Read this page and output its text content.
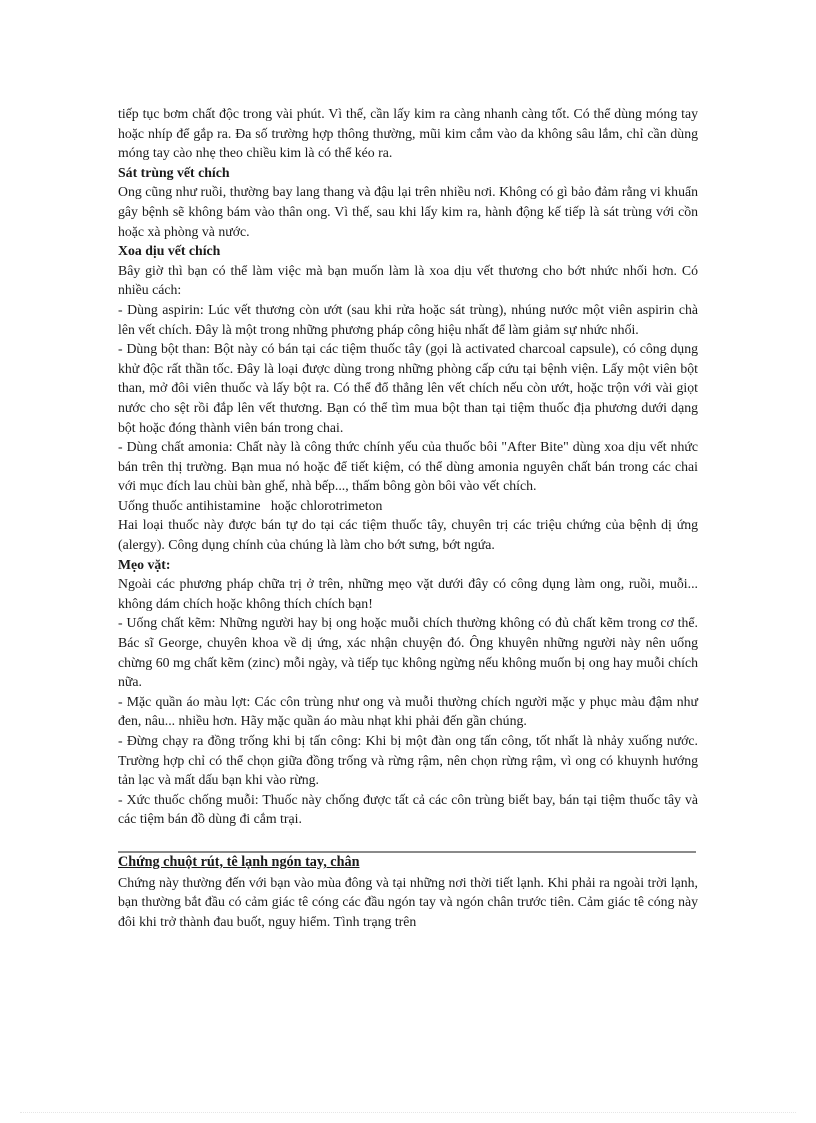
tiếp tục bơm chất độc trong vài phút. Vì thế, cần lấy kim ra càng nhanh càng tốt. Có thể dùng móng tay hoặc nhíp để gắp ra. Đa số trường hợp thông thường, mũi kim cắm vào da không sâu lắm, chỉ cần dùng móng tay cào nhẹ theo chiều kim là có thể kéo ra.

Sát trùng vết chích

Ong cũng như ruồi, thường bay lang thang và đậu lại trên nhiều nơi. Không có gì bảo đảm rằng vi khuẩn gây bệnh sẽ không bám vào thân ong. Vì thế, sau khi lấy kim ra, hành động kế tiếp là sát trùng với cồn hoặc xà phòng và nước.

Xoa dịu vết chích

Bây giờ thì bạn có thể làm việc mà bạn muốn làm là xoa dịu vết thương cho bớt nhức nhối hơn. Có nhiều cách:

- Dùng aspirin: Lúc vết thương còn ướt (sau khi rửa hoặc sát trùng), nhúng nước một viên aspirin chà lên vết chích. Đây là một trong những phương pháp công hiệu nhất để làm giảm sự nhức nhối.

- Dùng bột than: Bột này có bán tại các tiệm thuốc tây (gọi là activated charcoal capsule), có công dụng khử độc rất thần tốc. Đây là loại được dùng trong những phòng cấp cứu tại bệnh viện. Lấy một viên bột than, mở đôi viên thuốc và lấy bột ra. Có thể đổ thẳng lên vết chích nếu còn ướt, hoặc trộn với vài giọt nước cho sệt rồi đắp lên vết thương. Bạn có thể tìm mua bột than tại tiệm thuốc địa phương dưới dạng bột hoặc đóng thành viên bán trong chai.

- Dùng chất amonia: Chất này là công thức chính yếu của thuốc bôi "After Bite" dùng xoa dịu vết nhức bán trên thị trường. Bạn mua nó hoặc để tiết kiệm, có thể dùng amonia nguyên chất bán trong các chai với mục đích lau chùi bàn ghế, nhà bếp..., thấm bông gòn bôi vào vết chích.

Uống thuốc antihistamine   hoặc chlorotrimeton

Hai loại thuốc này được bán tự do tại các tiệm thuốc tây, chuyên trị các triệu chứng của bệnh dị ứng (alergy). Công dụng chính của chúng là làm cho bớt sưng, bớt ngứa.

Mẹo vặt:

Ngoài các phương pháp chữa trị ở trên, những mẹo vặt dưới đây có công dụng làm ong, ruồi, muỗi... không dám chích hoặc không thích chích bạn!

- Uống chất kẽm: Những người hay bị ong hoặc muỗi chích thường không có đủ chất kẽm trong cơ thể. Bác sĩ George, chuyên khoa về dị ứng, xác nhận chuyện đó. Ông khuyên những người này nên uống chừng 60 mg chất kẽm (zinc) mỗi ngày, và tiếp tục không ngừng nếu không muốn bị ong hay muỗi chích nữa.

- Mặc quần áo màu lợt: Các côn trùng như ong và muỗi thường chích người mặc y phục màu đậm như đen, nâu... nhiều hơn. Hãy mặc quần áo màu nhạt khi phải đến gần chúng.

- Đừng chạy ra đồng trống khi bị tấn công: Khi bị một đàn ong tấn công, tốt nhất là nhảy xuống nước. Trường hợp chỉ có thể chọn giữa đồng trống và rừng rậm, nên chọn rừng rậm, vì ong có khuynh hướng tản lạc và mất dấu bạn khi vào rừng.

- Xức thuốc chống muỗi: Thuốc này chống được tất cả các côn trùng biết bay, bán tại tiệm thuốc tây và các tiệm bán đồ dùng đi cắm trại.

Chứng chuột rút, tê lạnh ngón tay, chân

Chứng này thường đến với bạn vào mùa đông và tại những nơi thời tiết lạnh. Khi phải ra ngoài trời lạnh, bạn thường bắt đầu có cảm giác tê cóng các đầu ngón tay và ngón chân trước tiên. Cảm giác tê cóng này đôi khi trở thành đau buốt, nguy hiểm. Tình trạng trên
